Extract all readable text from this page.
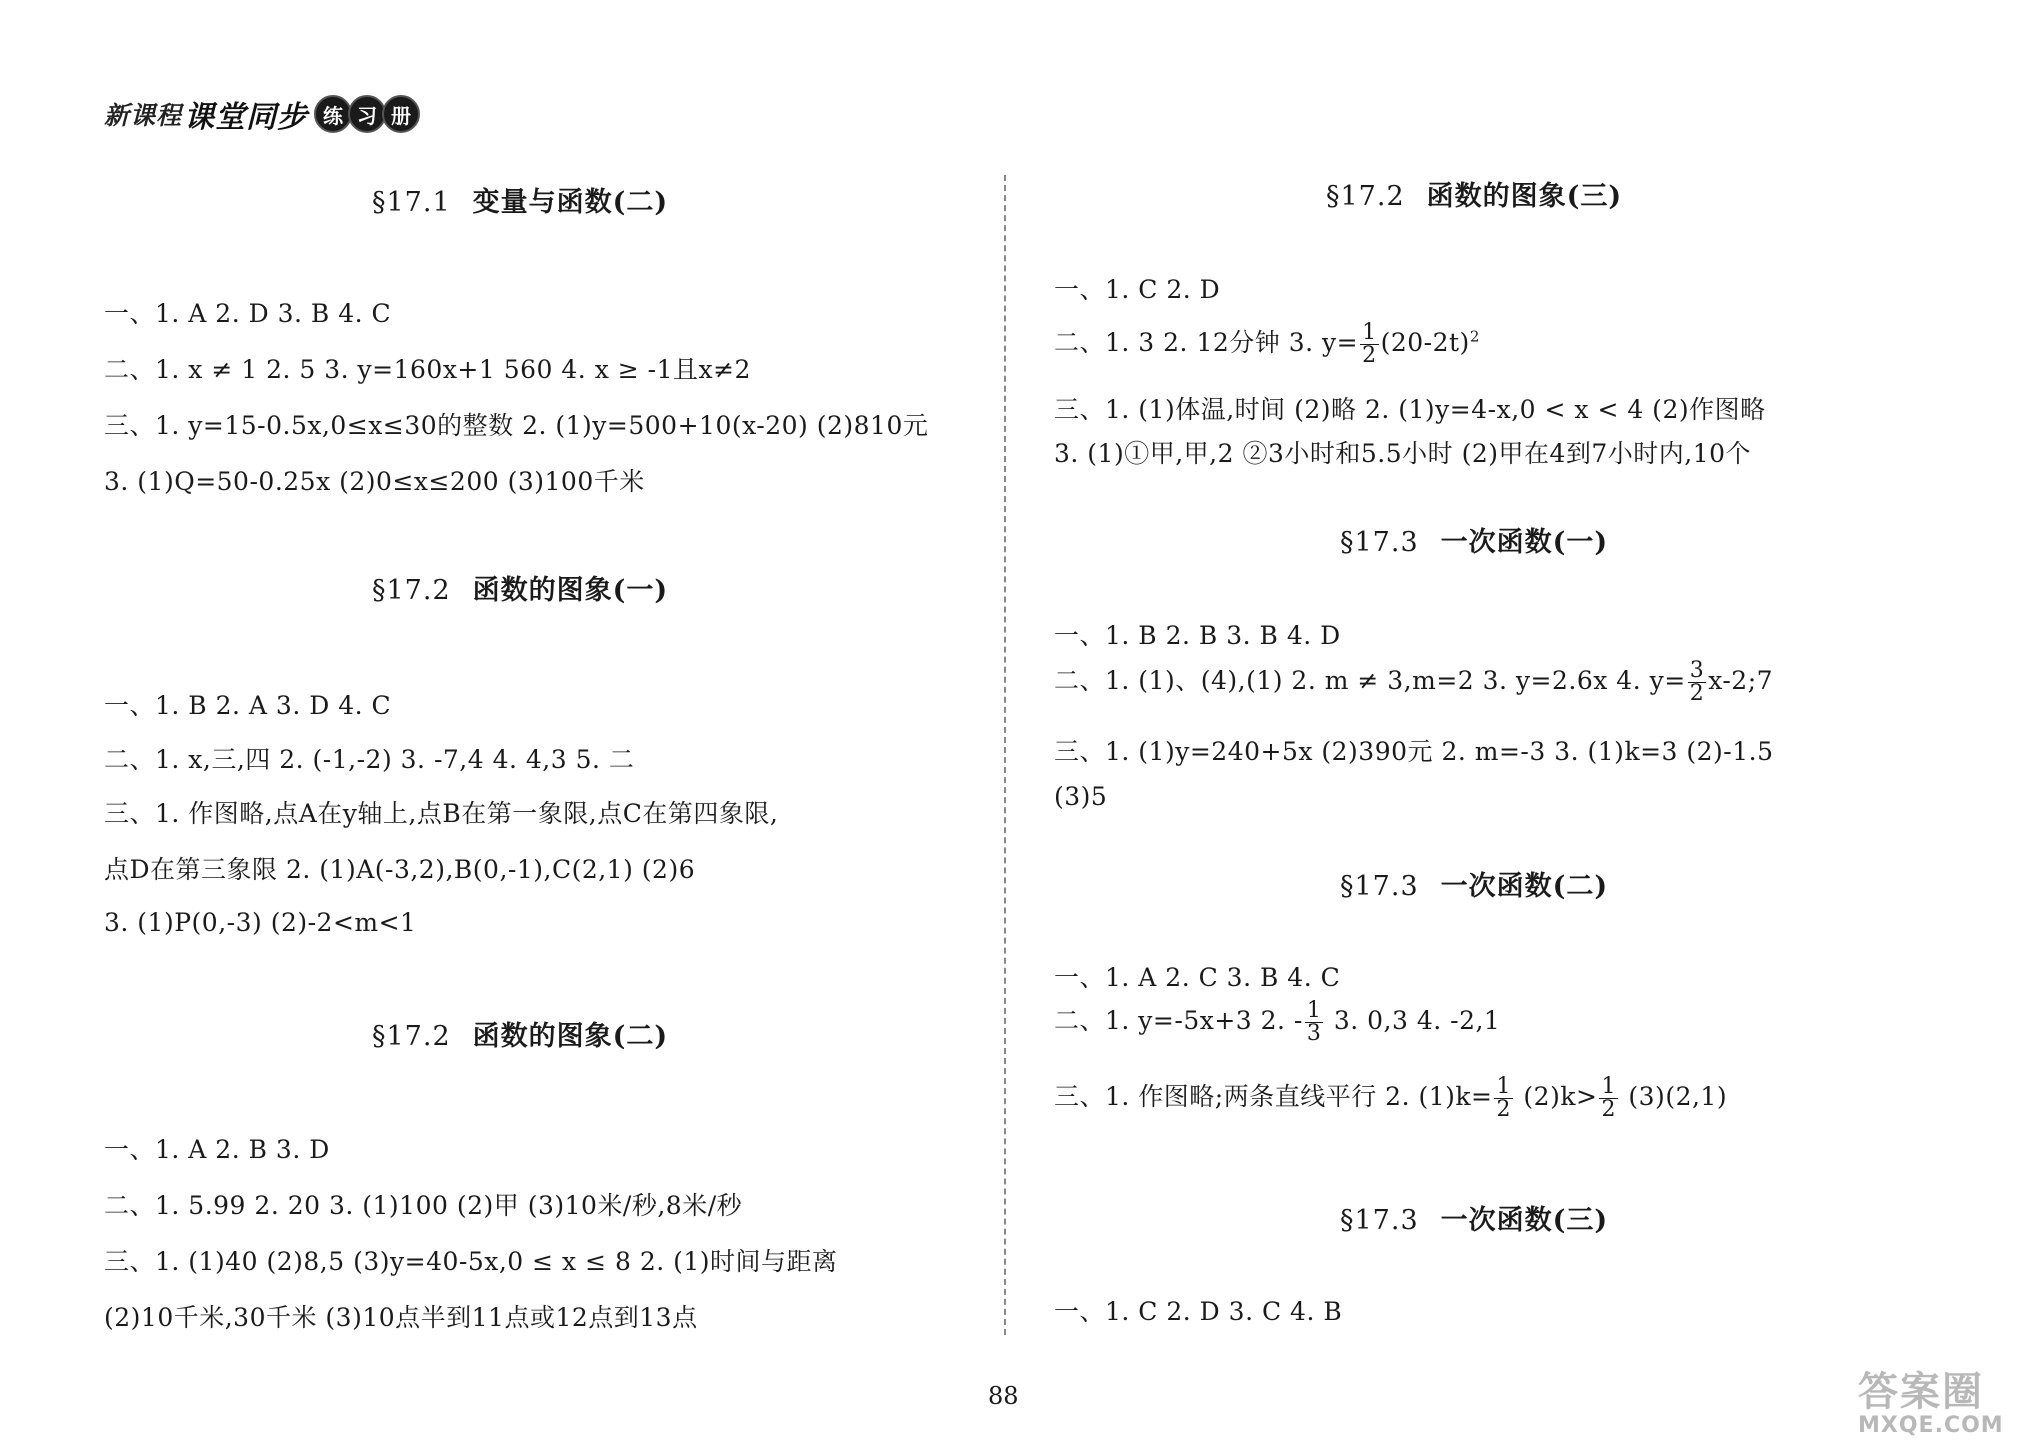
新课程 课堂同步 练 习 册
§17.1 变量与函数(二)
一、1. A 2. D 3. B 4. C
二、1. x ≠ 1 2. 5 3. y=160x+1 560 4. x ≥ -1且x≠2
三、1. y=15-0.5x,0≤x≤30的整数 2. (1)y=500+10(x-20) (2)810元
3. (1)Q=50-0.25x (2)0≤x≤200 (3)100千米
§17.2 函数的图象(一)
一、1. B 2. A 3. D 4. C
二、1. x,三,四 2. (-1,-2) 3. -7,4 4. 4,3 5. 二
三、1. 作图略,点A在y轴上,点B在第一象限,点C在第四象限,
点D在第三象限 2. (1)A(-3,2),B(0,-1),C(2,1) (2)6
3. (1)P(0,-3) (2)-2<m<1
§17.2 函数的图象(二)
一、1. A 2. B 3. D
二、1. 5.99 2. 20 3. (1)100 (2)甲 (3)10米/秒,8米/秒
三、1. (1)40 (2)8,5 (3)y=40-5x,0 ≤ x ≤ 8 2. (1)时间与距离
(2)10千米,30千米 (3)10点半到11点或12点到13点
§17.2 函数的图象(三)
一、1. C 2. D
二、1. 3 2. 12分钟 3. $y= \frac{1}{2} (20-2t)^2$
三、1. (1)体温,时间 (2)略 2. (1)y=4-x,0 < x < 4 (2)作图略
3. (1)①甲,甲,2 ②3小时和5.5小时 (2)甲在4到7小时内,10个
§17.3 一次函数(一)
一、1. B 2. B 3. B 4. D
二、1. (1)、(4),(1) 2. m ≠ 3,m=2 3. y=2.6x 4. $y= \frac{3}{2}$ x-2;7
三、1. (1)y=240+5x (2)390元 2. m=-3 3. (1)k=3 (2)-1.5
(3)5
§17.3 一次函数(二)
一、1. A 2. C 3. B 4. C
二、1. y=-5x+3 2. - $\frac{1}{3} 3$. 0,3 4. -2,1
三、1. 作图略;两条直线平行 2. $(1)k= \frac{1}{2} (2)k> \frac{1}{2} (3)(2,1)$
§17.3 一次函数(三)
一、1. C 2. D 3. C 4. B
88	答案圈
MXQE.COM
